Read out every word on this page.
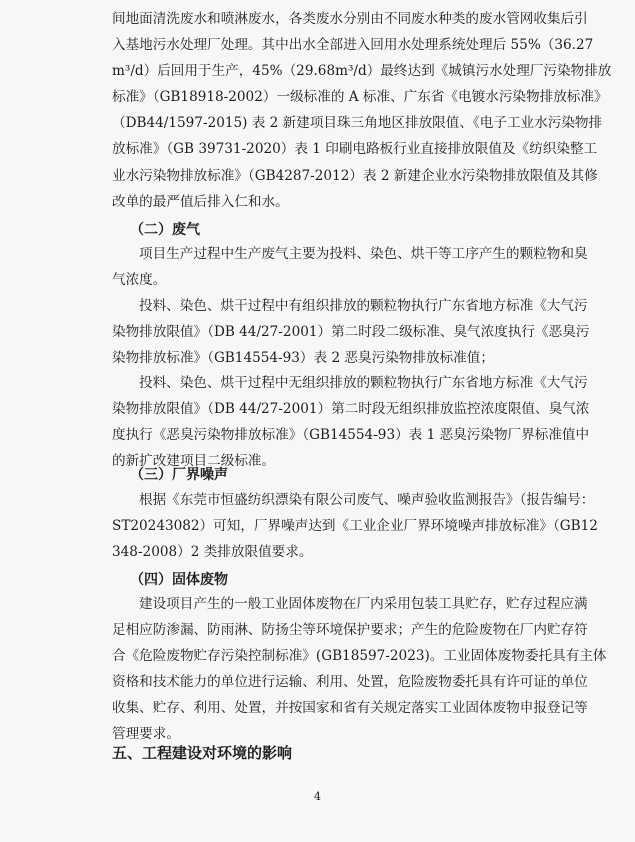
间地面清洗废水和喷淋废水，各类废水分别由不同废水种类的废水管网收集后引
入基地污水处理厂处理。其中出水全部进入回用水处理系统处理后 55%（36.27
m³/d）后回用于生产，45%（29.68m³/d）最终达到《城镇污水处理厂污染物排放
标准》（GB18918-2002）一级标准的 A 标准、广东省《电镀水污染物排放标准》
（DB44/1597-2015) 表 2 新建项目珠三角地区排放限值、《电子工业水污染物排
放标准》（GB 39731-2020）表 1 印刷电路板行业直接排放限值及《纺织染整工
业水污染物排放标准》（GB4287-2012）表 2 新建企业水污染物排放限值及其修
改单的最严值后排入仁和水。
（二）废气
项目生产过程中生产废气主要为投料、染色、烘干等工序产生的颗粒物和臭
气浓度。
投料、染色、烘干过程中有组织排放的颗粒物执行广东省地方标准《大气污
染物排放限值》（DB 44/27-2001）第二时段二级标准、臭气浓度执行《恶臭污
染物排放标准》（GB14554-93）表 2 恶臭污染物排放标准值；
投料、染色、烘干过程中无组织排放的颗粒物执行广东省地方标准《大气污
染物排放限值》（DB 44/27-2001）第二时段无组织排放监控浓度限值、臭气浓
度执行《恶臭污染物排放标准》（GB14554-93）表 1 恶臭污染物厂界标准值中
的新扩改建项目二级标准。
（三）厂界噪声
根据《东莞市恒盛纺织漂染有限公司废气、噪声验收监测报告》（报告编号：
ST20243082）可知，厂界噪声达到《工业企业厂界环境噪声排放标准》（GB12
348-2008）2 类排放限值要求。
（四）固体废物
建设项目产生的一般工业固体废物在厂内采用包装工具贮存，贮存过程应满
足相应防渗漏、防雨淋、防扬尘等环境保护要求；产生的危险废物在厂内贮存符
合《危险废物贮存污染控制标准》(GB18597-2023)。工业固体废物委托具有主体
资格和技术能力的单位进行运输、利用、处置，危险废物委托具有许可证的单位
收集、贮存、利用、处置，并按国家和省有关规定落实工业固体废物申报登记等
管理要求。
五、工程建设对环境的影响
4
